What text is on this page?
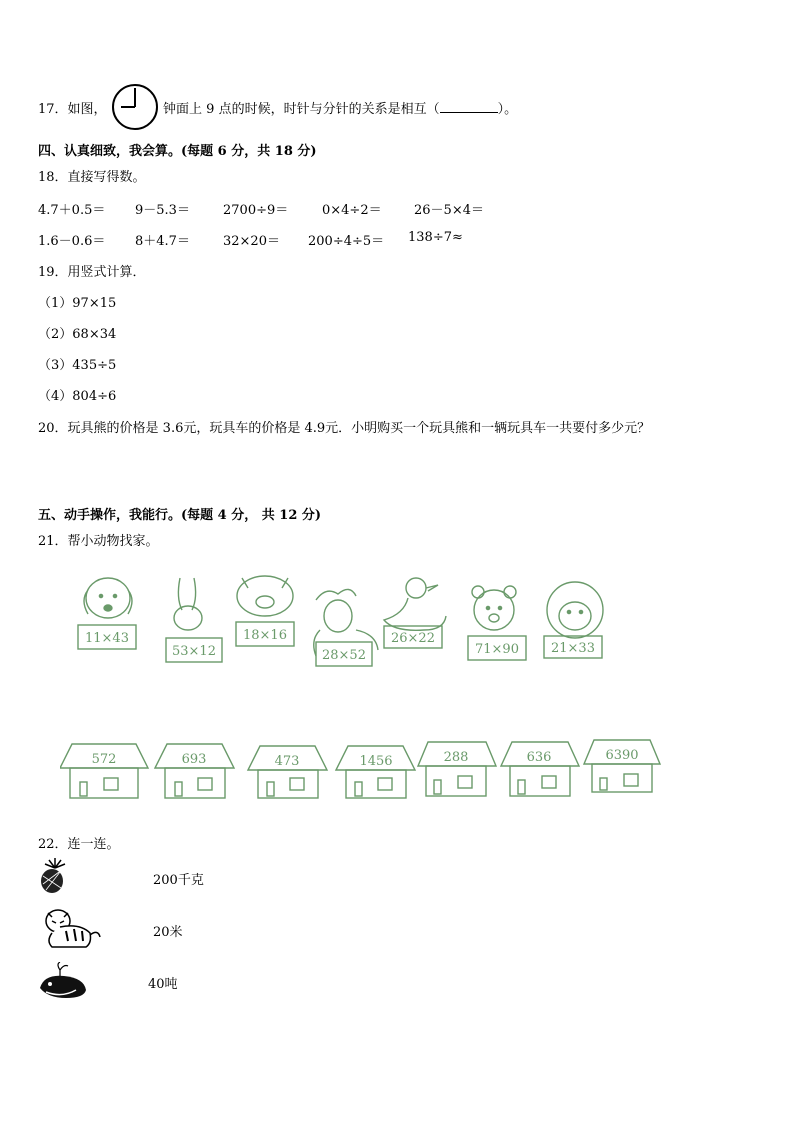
17．如图，	钟面上 9 点的时候，时针与分针的关系是相互（	）。
四、认真细致，我会算。(每题 6 分，共 18 分)
18．直接写得数。
4.7＋0.5＝ 9－5.3＝	2700÷9＝	0×4÷2＝ 26－5×4＝
1.6－0.6＝ 8＋4.7＝	32×20＝ 200÷4÷5＝ 138÷7≈
19．用竖式计算．
（1）97×15
（2）68×34
（3）435÷5
（4）804÷6
20．玩具熊的价格是 3.6元，玩具车的价格是 4.9元．小明购买一个玩具熊和一辆玩具车一共要付多少元？
五、动手操作，我能行。(每题 4 分， 共 12 分)
21．帮小动物找家。
11×43
53×12
18×16
28×52
26×22
71×90 21×33
572	693	473	1456	288	636	6390
22．连一连。
200千克
20米
40吨
